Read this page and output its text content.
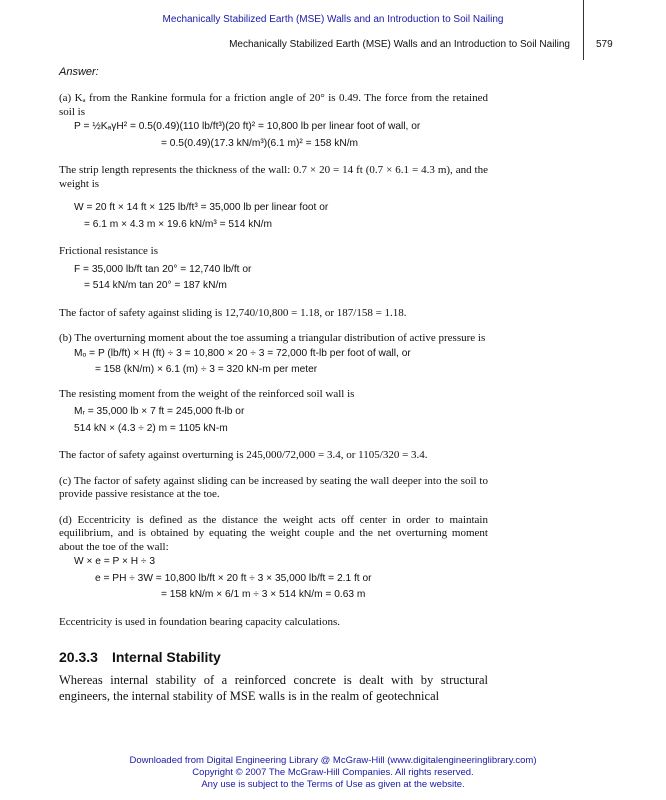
Mechanically Stabilized Earth (MSE) Walls and an Introduction to Soil Nailing
Mechanically Stabilized Earth (MSE) Walls and an Introduction to Soil Nailing	579
Answer:

(a) Kₐ from the Rankine formula for a friction angle of 20° is 0.49. The force from the retained soil is

P = ½KₐγH² = 0.5(0.49)(110 lb/ft³)(20 ft)² = 10,800 lb per linear foot of wall, or
= 0.5(0.49)(17.3 kN/m³)(6.1 m)² = 158 kN/m

The strip length represents the thickness of the wall: 0.7 × 20 = 14 ft (0.7 × 6.1 = 4.3 m), and the weight is

W = 20 ft × 14 ft × 125 lb/ft³ = 35,000 lb per linear foot or
= 6.1 m × 4.3 m × 19.6 kN/m³ = 514 kN/m

Frictional resistance is

F = 35,000 lb/ft tan 20° = 12,740 lb/ft or
= 514 kN/m tan 20° = 187 kN/m

The factor of safety against sliding is 12,740/10,800 = 1.18, or 187/158 = 1.18.

(b) The overturning moment about the toe assuming a triangular distribution of active pressure is

Mₒ = P (lb/ft) × H (ft) ÷ 3 = 10,800 × 20 ÷ 3 = 72,000 ft-lb per foot of wall, or
= 158 (kN/m) × 6.1 (m) ÷ 3 = 320 kN-m per meter

The resisting moment from the weight of the reinforced soil wall is

Mᵣ = 35,000 lb × 7 ft = 245,000 ft-lb or
514 kN × (4.3 ÷ 2) m = 1105 kN-m

The factor of safety against overturning is 245,000/72,000 = 3.4, or 1105/320 = 3.4.

(c) The factor of safety against sliding can be increased by seating the wall deeper into the soil to provide passive resistance at the toe.

(d) Eccentricity is defined as the distance the weight acts off center in order to maintain equilibrium, and is obtained by equating the weight couple and the net overturning moment about the toe of the wall:

W × e = P × H ÷ 3
e = PH ÷ 3W = 10,800 lb/ft × 20 ft ÷ 3 × 35,000 lb/ft = 2.1 ft or
= 158 kN/m × 6/1 m ÷ 3 × 514 kN/m = 0.63 m

Eccentricity is used in foundation bearing capacity calculations.

20.3.3 Internal Stability

Whereas internal stability of a reinforced concrete is dealt with by structural engineers, the internal stability of MSE walls is in the realm of geotechnical

Downloaded from Digital Engineering Library @ McGraw-Hill (www.digitalengineeringlibrary.com)
Copyright © 2007 The McGraw-Hill Companies. All rights reserved.
Any use is subject to the Terms of Use as given at the website.
